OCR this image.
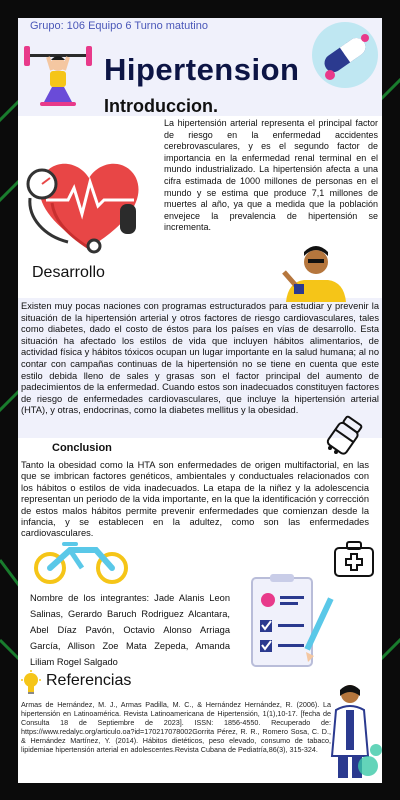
Grupo: 106 Equipo 6 Turno matutino
Hipertension
Introduccion.
La hipertensión arterial representa el principal factor de riesgo en la enfermedad accidentes cerebrovasculares, y es el segundo factor de importancia en la enfermedad renal terminal en el mundo industrializado. La hipertensión afecta a una cifra estimada de 1000 millones de personas en el mundo y se estima que produce 7,1 millones de muertes al año, ya que a medida que la población envejece la prevalencia de hipertensión se incrementa.
Desarrollo
Existen muy pocas naciones con programas estructurados para estudiar y prevenir la situación de la hipertensión arterial y otros factores de riesgo cardiovasculares, tales como diabetes, dado el costo de éstos para los países en vías de desarrollo. Esta situación ha afectado los estilos de vida que incluyen hábitos alimentarios, de actividad física y hábitos tóxicos ocupan un lugar importante en la salud humana; al no contar con campañas continuas de la hipertensión no se tiene en cuenta que este estilo debida lleno de sales y grasas son el factor principal del aumento de padecimientos de la enfermedad. Cuando estos son inadecuados constituyen factores de riesgo de enfermedades cardiovasculares, que incluye la hipertensión arterial (HTA), y otras, endocrinas, como la diabetes mellitus y la obesidad.
Conclusion
Tanto la obesidad como la HTA son enfermedades de origen multifactorial, en las que se imbrican factores genéticos, ambientales y conductuales relacionados con los hábitos o estilos de vida inadecuados. La etapa de la niñez y la adolescencia representan un periodo de la vida importante, en la que la identificación y corrección de estos malos hábitos permite prevenir enfermedades que comienzan desde la infancia, y se establecen en la adultez, como son las enfermedades cardiovasculares.
Nombre de los integrantes: Jade Alanis Leon Salinas, Gerardo Baruch Rodriguez Alcantara, Abel Díaz Pavón, Octavio Alonso Arriaga García, Allison Zoe Mata Zepeda, Amanda Liliam Rogel Salgado
Referencias
Armas de Hernández, M. J., Armas Padilla, M. C., & Hernández Hernández, R. (2006). La hipertensión en Latinoamérica. Revista Latinoamericana de Hipertensión, 1(1),10-17. [fecha de Consulta 18 de Septiembre de 2023]. ISSN: 1856-4550. Recuperado de: https://www.redalyc.org/articulo.oa?id=170217078002Gorrita Pérez, R. R., Romero Sosa, C. D., & Hernández Martínez, Y. (2014). Hábitos dietéticos, peso elevado, consumo de tabaco, lipidemiae hipertensión arterial en adolescentes.Revista Cubana de Pediatría,86(3), 315-324.
